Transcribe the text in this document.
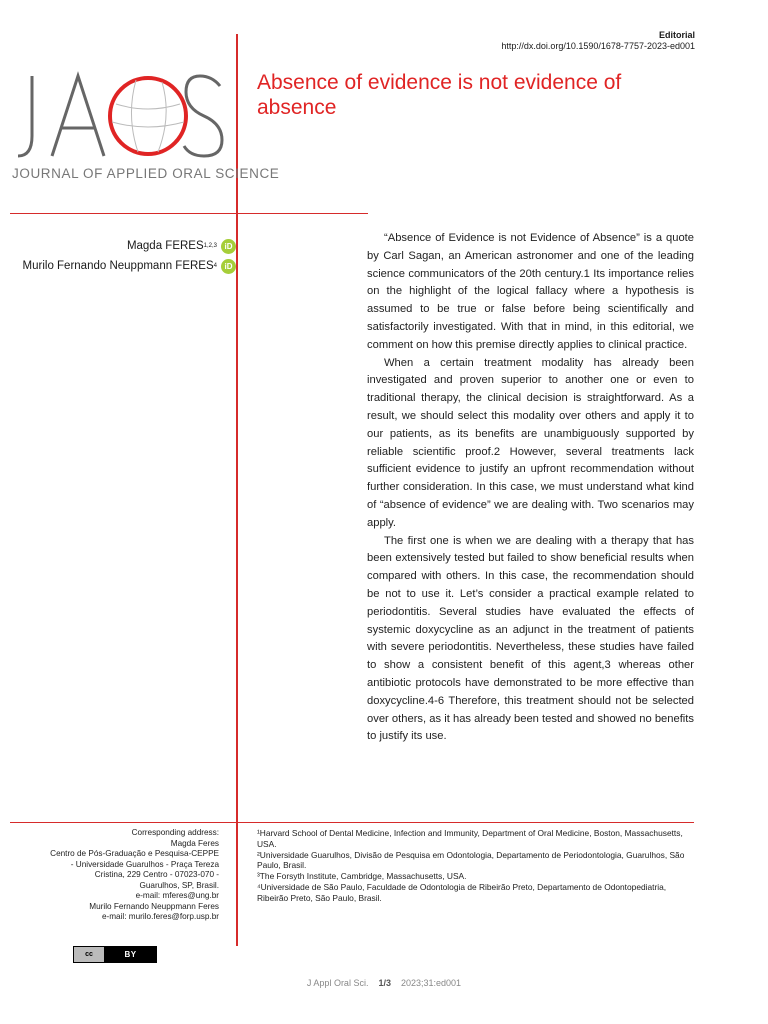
Editorial
http://dx.doi.org/10.1590/1678-7757-2023-ed001
JOURNAL OF APPLIED ORAL SCIENCE
Absence of evidence is not evidence of absence
Magda FERES 1,2,3 iD
Murilo Fernando Neuppmann FERES 4 iD

“Absence of Evidence is not Evidence of Absence” is a quote by Carl Sagan, an American astronomer and one of the leading science communicators of the 20th century.1 Its importance relies on the highlight of the logical fallacy where a hypothesis is assumed to be true or false before being scientifically and satisfactorily investigated. With that in mind, in this editorial, we comment on how this premise directly applies to clinical practice.

When a certain treatment modality has already been investigated and proven superior to another one or even to traditional therapy, the clinical decision is straightforward. As a result, we should select this modality over others and apply it to our patients, as its benefits are unambiguously supported by reliable scientific proof.2 However, several treatments lack sufficient evidence to justify an upfront recommendation without further consideration. In this case, we must understand what kind of “absence of evidence” we are dealing with. Two scenarios may apply.

The first one is when we are dealing with a therapy that has been extensively tested but failed to show beneficial results when compared with others. In this case, the recommendation should be not to use it. Let’s consider a practical example related to periodontitis. Several studies have evaluated the effects of systemic doxycycline as an adjunct in the treatment of patients with severe periodontitis. Nevertheless, these studies have failed to show a consistent benefit of this agent,3 whereas other antibiotic protocols have demonstrated to be more effective than doxycycline.4-6 Therefore, this treatment should not be selected over others, as it has already been tested and showed no benefits to justify its use.

Corresponding address:
Magda Feres
Centro de Pós-Graduação e Pesquisa-CEPPE
- Universidade Guarulhos - Praça Tereza
Cristina, 229 Centro - 07023-070 -
Guarulhos, SP, Brasil.
e-mail: mferes@ung.br
Murilo Fernando Neuppmann Feres
e-mail: murilo.feres@forp.usp.br
¹Harvard School of Dental Medicine, Infection and Immunity, Department of Oral Medicine, Boston, Massachusetts, USA.
²Universidade Guarulhos, Divisão de Pesquisa em Odontologia, Departamento de Periodontologia, Guarulhos, São Paulo, Brasil.
³The Forsyth Institute, Cambridge, Massachusetts, USA.
⁴Universidade de São Paulo, Faculdade de Odontologia de Ribeirão Preto, Departamento de Odontopediatria, Ribeirão Preto, São Paulo, Brasil.
cc	BY
J Appl Oral Sci. 1/3 2023;31:ed001
